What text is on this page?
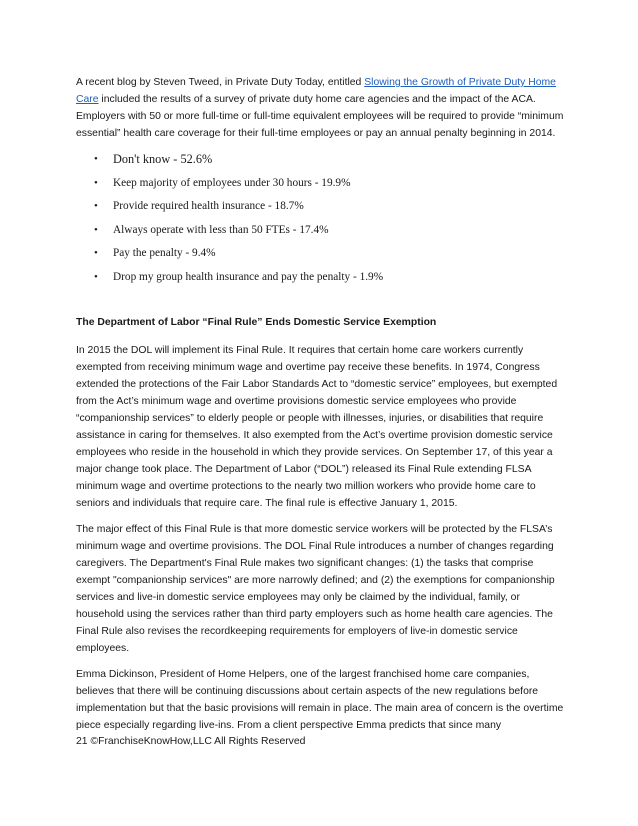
A recent blog by Steven Tweed, in Private Duty Today, entitled Slowing the Growth of Private Duty Home Care included the results of a survey of private duty home care agencies and the impact of the ACA. Employers with 50 or more full-time or full-time equivalent employees will be required to provide “minimum essential” health care coverage for their full-time employees or pay an annual penalty beginning in 2014.

• Don't know - 52.6%
• Keep majority of employees under 30 hours - 19.9%
• Provide required health insurance - 18.7%
• Always operate with less than 50 FTEs - 17.4%
• Pay the penalty - 9.4%
• Drop my group health insurance and pay the penalty - 1.9%

The Department of Labor “Final Rule” Ends Domestic Service Exemption

In 2015 the DOL will implement its Final Rule. It requires that certain home care workers currently exempted from receiving minimum wage and overtime pay receive these benefits. In 1974, Congress extended the protections of the Fair Labor Standards Act to “domestic service” employees, but exempted from the Act’s minimum wage and overtime provisions domestic service employees who provide “companionship services” to elderly people or people with illnesses, injuries, or disabilities that require assistance in caring for themselves. It also exempted from the Act’s overtime provision domestic service employees who reside in the household in which they provide services. On September 17, of this year a major change took place. The Department of Labor (“DOL”) released its Final Rule extending FLSA minimum wage and overtime protections to the nearly two million workers who provide home care to seniors and individuals that require care. The final rule is effective January 1, 2015.

The major effect of this Final Rule is that more domestic service workers will be protected by the FLSA’s minimum wage and overtime provisions. The DOL Final Rule introduces a number of changes regarding caregivers. The Department's Final Rule makes two significant changes: (1) the tasks that comprise exempt "companionship services" are more narrowly defined; and (2) the exemptions for companionship services and live-in domestic service employees may only be claimed by the individual, family, or household using the services rather than third party employers such as home health care agencies. The Final Rule also revises the recordkeeping requirements for employers of live-in domestic service employees.

Emma Dickinson, President of Home Helpers, one of the largest franchised home care companies, believes that there will be continuing discussions about certain aspects of the new regulations before implementation but that the basic provisions will remain in place. The main area of concern is the overtime piece especially regarding live-ins. From a client perspective Emma predicts that since many

21 ©FranchiseKnowHow,LLC All Rights Reserved
